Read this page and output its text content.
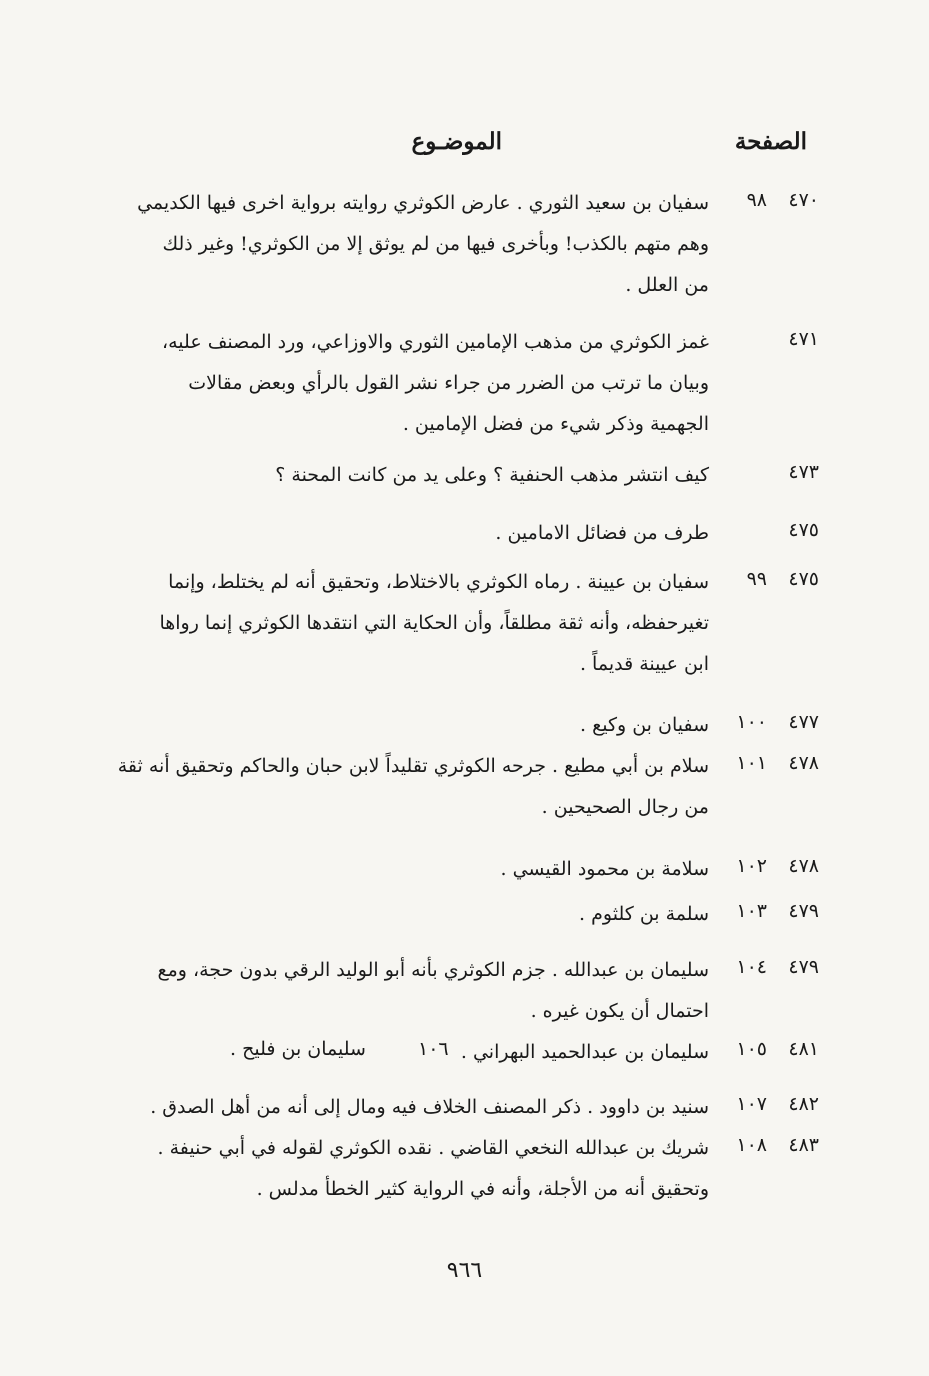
الصفحة
الموضـوع
٤٧٠
٩٨
سفيان بن سعيد الثوري . عارض الكوثري روايته برواية اخرى فيها الكديمي
وهم متهم بالكذب! وبأخرى فيها من لم يوثق إلا من الكوثري! وغير ذلك
من العلل .
٤٧١
غمز الكوثري من مذهب الإمامين الثوري والاوزاعي، ورد المصنف عليه،
وبيان ما ترتب من الضرر من جراء نشر القول بالرأي وبعض مقالات
الجهمية وذكر شيء من فضل الإمامين .
٤٧٣
كيف انتشر مذهب الحنفية ؟ وعلى يد من كانت المحنة ؟
٤٧٥
طرف من فضائل الامامين .
٤٧٥
٩٩
سفيان بن عيينة . رماه الكوثري بالاختلاط، وتحقيق أنه لم يختلط، وإنما
تغيرحفظه، وأنه ثقة مطلقاً، وأن الحكاية التي انتقدها الكوثري إنما رواها
ابن عيينة قديماً .
٤٧٧
١٠٠
سفيان بن وكيع .
٤٧٨
١٠١
سلام بن أبي مطيع . جرحه الكوثري تقليداً لابن حبان والحاكم وتحقيق أنه ثقة
من رجال الصحيحين .
٤٧٨
١٠٢
سلامة بن محمود القيسي .
٤٧٩
١٠٣
سلمة بن كلثوم .
٤٧٩
١٠٤
سليمان بن عبدالله . جزم الكوثري بأنه أبو الوليد الرقي بدون حجة، ومع
احتمال أن يكون غيره .
٤٨١
١٠٥
سليمان بن عبدالحميد البهراني .
١٠٦
سليمان بن فليح .
٤٨٢
١٠٧
سنيد بن داوود . ذكر المصنف الخلاف فيه ومال إلى أنه من أهل الصدق .
٤٨٣
١٠٨
شريك بن عبدالله النخعي القاضي . نقده الكوثري لقوله في أبي حنيفة .
وتحقيق أنه من الأجلة، وأنه في الرواية كثير الخطأ مدلس .
٩٦٦
